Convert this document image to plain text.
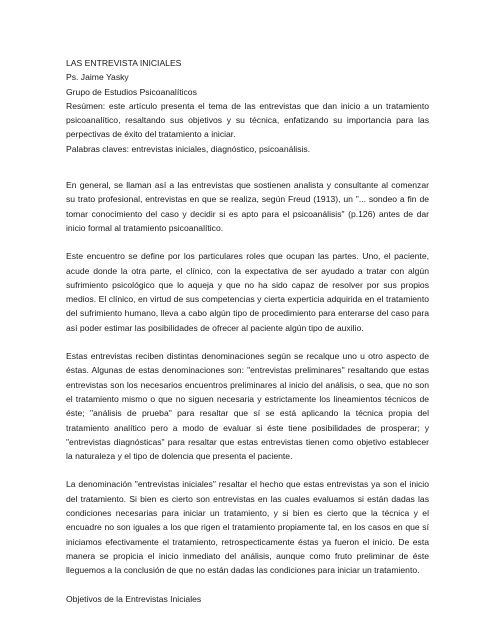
LAS ENTREVISTA INICIALES

Ps. Jaime Yasky

Grupo de Estudios Psicoanalíticos

Resúmen: este artículo presenta el tema de las entrevistas que dan inicio a un tratamiento psicoanalítico, resaltando sus objetivos y su técnica, enfatizando su importancia para las perpectivas de éxito del tratamiento a iniciar.

Palabras claves: entrevistas iniciales, diagnóstico, psicoanálisis.

En general, se llaman así a las entrevistas que sostienen analista y consultante al comenzar su trato profesional, entrevistas en que se realiza, según Freud (1913), un "... sondeo a fin de tomar conocimiento del caso y decidir si es apto para el psicoanálisis" (p.126) antes de dar inicio formal al tratamiento psicoanalítico.

Este encuentro se define por los particulares roles que ocupan las partes. Uno, el paciente, acude donde la otra parte, el clínico, con la expectativa de ser ayudado a tratar con algún sufrimiento psicológico que lo aqueja y que no ha sido capaz de resolver por sus propios medios. El clínico, en virtud de sus competencias y cierta experticia adquirida en el tratamiento del sufrimiento humano, lleva a cabo algún tipo de procedimiento para enterarse del caso para así poder estimar las posibilidades de ofrecer al paciente algún tipo de auxilio.

Estas entrevistas reciben distintas denominaciones según se recalque uno u otro aspecto de éstas. Algunas de estas denominaciones son: "entrevistas preliminares" resaltando que estas entrevistas son los necesarios encuentros preliminares al inicio del análisis, o sea, que no son el tratamiento mismo o que no siguen necesaria y estrictamente los lineamientos técnicos de éste; "análisis de prueba" para resaltar que sí se está aplicando la técnica propia del tratamiento analítico pero a modo de evaluar si éste tiene posibilidades de prosperar; y "entrevistas diagnósticas" para resaltar que estas entrevistas tienen como objetivo establecer la naturaleza y el tipo de dolencia que presenta el paciente.

La denominación "entrevistas iniciales" resaltar el hecho que estas entrevistas ya son el inicio del tratamiento. Si bien es cierto son entrevistas en las cuales evaluamos si están dadas las condiciones necesarias para iniciar un tratamiento, y si bien es cierto que la técnica y el encuadre no son iguales a los que rigen el tratamiento propiamente tal, en los casos en que sí iniciamos efectivamente el tratamiento, retrospecticamente éstas ya fueron el inicio. De esta manera se propicia el inicio inmediato del análisis, aunque como fruto preliminar de éste lleguemos a la conclusión de que no están dadas las condiciones para iniciar un tratamiento.

Objetivos de la Entrevistas Iniciales
